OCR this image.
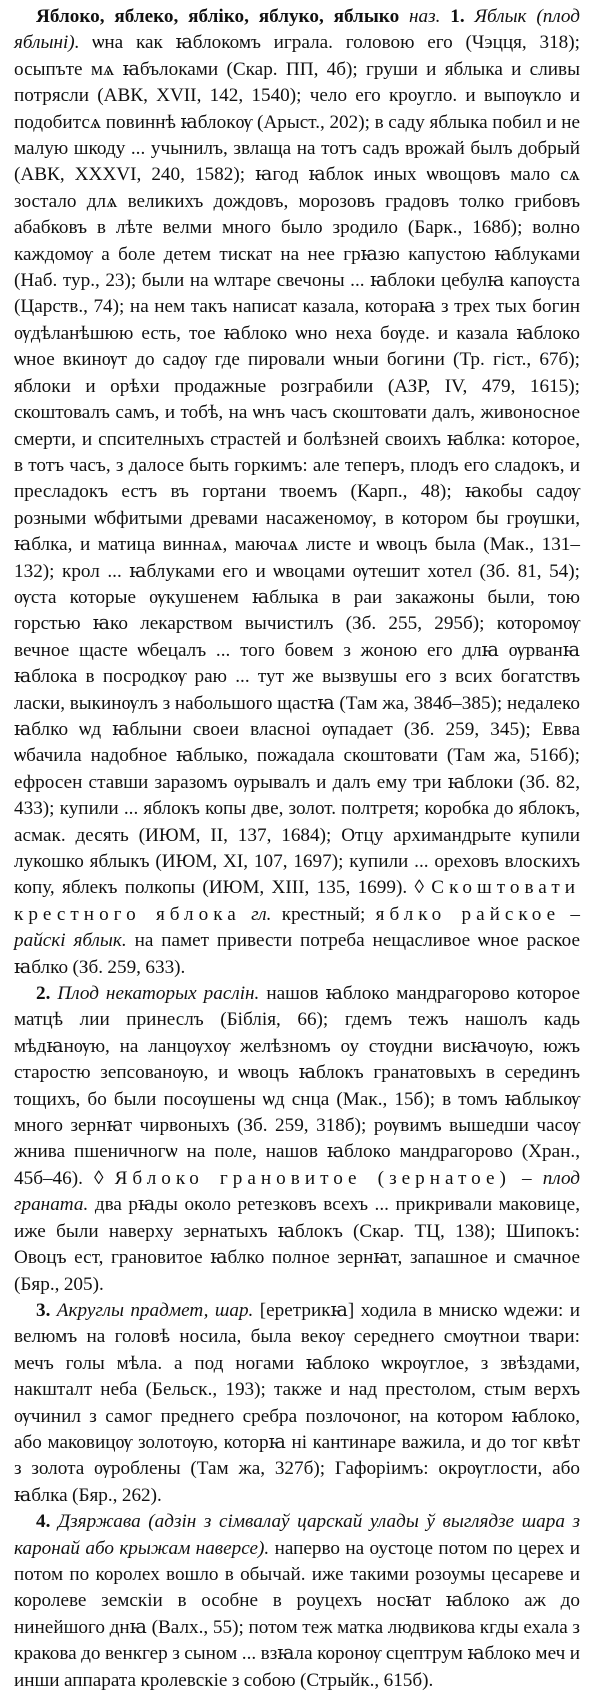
Яблоко, яблеко, ябліко, яблуко, яблыко наз. 1. Яблык (плод яблыні). ѡна как ꙗблокомъ играла. головою его (Чэцця, 318); осыпъте мѧ ꙗбълоками (Скар. ПП, 4б); груши и яблыка и сливы потрясли (АВК, XVII, 142, 1540); чело его кроугло. и выпѹкло и подобитсѧ повиннѣ ꙗблокѹ (Арыст., 202); в саду яблыка побил и не малую шкоду ... учынилъ, звлаща на тотъ садъ врожай былъ добрый (АВК, XXXVI, 240, 1582); ꙗгод ꙗблок иных ѡвощовъ мало сѧ зостало длѧ великихъ дождовъ, морозовъ градовъ толко грибовъ абабковъ в лѣте велми много было зродило (Барк., 168б); волно каждомѹ а боле детем тискат на нее грꙗзю капустою ꙗблуками (Наб. тур., 23); были на ѡлтаре свечоны ... ꙗблоки цебулꙗ капѹста (Царств., 74); на нем такъ написат казала, котораꙗ з трех тых богин ѹдѣланѣшюю есть, тое ꙗблоко ѡно неха бѹде. и казала ꙗблоко ѡное вкинѹт до садѹ где пировали ѡныи богини (Тр. гіст., 67б); яблоки и орѣхи продажные розграбили (АЗР, IV, 479, 1615); скоштовалъ самъ, и тобѣ, на ѡнъ часъ скоштовати далъ, живоносное смерти, и спсителныхъ страстей и болѣзней своихъ ꙗблка: которое, в тотъ часъ, з далосе быть горкимъ: але теперъ, плодъ его сладокъ, и пресладокъ естъ въ гортани твоемъ (Карп., 48); ꙗкобы садѹ розными ѡбфитыми древами насаженомѹ, в котором бы грѹшки, ꙗблка, и матица виннаѧ, маючаѧ листе и ѡвоцъ была (Мак., 131–132); крол ... ꙗблуками его и ѡвоцами ѹтешит хотел (Зб. 81, 54); ѹста которые ѹкушенем ꙗблыка в раи закажоны были, тою горстью ꙗко лекарством вычистилъ (Зб. 255, 295б); которомѹ вечное щасте ѡбецалъ ... того бовем з жоною его длꙗ ѹрванꙗ ꙗблока в посродкѹ раю ... тут же вызвушы его з всих богатствъ ласки, выкинѹлъ з набольшого щастꙗ (Там жа, 384б–385); недалеко ꙗблко ѡд ꙗблыни своеи власноі ѹпадает (Зб. 259, 345); Евва ѡбачила надобное ꙗблыко, пожадала скоштовати (Там жа, 516б); ефросен ставши заразомъ ѹрывалъ и далъ ему три ꙗблоки (Зб. 82, 433); купили ... яблокъ копы две, золот. полтретя; коробка до яблокъ, асмак. десять (ИЮМ, II, 137, 1684); Отцу архимандрыте купили лукошко яблыкъ (ИЮМ, XI, 107, 1697); купили ... ореховъ влоскихъ копу, яблекъ полкопы (ИЮМ, XIII, 135, 1699). ◊ Скоштовати крестного яблока гл. крестный; яблко райское – райскі яблык. на памет привести потреба нещасливое ѡное раское ꙗблко (Зб. 259, 633).

2. Плод некаторых раслін. нашов ꙗблоко мандрагорово которое матцѣ лии принеслъ (Біблія, 66); гдемъ тежъ нашолъ кадь мѣдꙗнѹю, на ланцѹхѹ желѣзномъ оу стѹдни висꙗчѹю, южъ старостю зепсованѹю, и ѡвоцъ ꙗблокъ гранатовыхъ в серединъ тощихъ, бо были посѹшены ѡд снца (Мак., 15б); в томъ ꙗблыкѹ много зернꙗт чирвоныхъ (Зб. 259, 318б); рѹвимъ вышедши часѹ жнива пшеничногѡ на поле, нашов ꙗблоко мандрагорово (Хран., 45б–46). ◊ Яблоко грановитое (зернатое) – плод граната. два рꙗды около ретезковъ всехъ ... прикривали маковице, иже были наверху зернатыхъ ꙗблокъ (Скар. ТЦ, 138); Шипокъ: Овоцъ ест, грановитое ꙗблко полное зернꙗт, запашное и смачное (Бяр., 205).

3. Акруглы прадмет, шар. [еретрикꙗ] ходила в мниско ѡдежи: и велюмъ на головѣ носила, была векѹ середнего смѹтнои твари: мечъ голы мѣла. а под ногами ꙗблоко ѡкрѹглое, з звѣздами, накшталт неба (Бельск., 193); также и над престолом, стым верхъ ѹчинил з самог преднего сребра позлочоног, на котором ꙗблоко, або маковицѹ золотѹю, которꙗ ні кантинаре важила, и до тог квѣт з золота ѹроблены (Там жа, 327б); Гафоріимъ: окрѹглости, або ꙗблка (Бяр., 262).

4. Дзяржава (адзін з сімвалаў царскай улады ў выглядзе шара з каронай або крыжам наверсе). наперво на оустоце потом по церех и потом по королех вошло в обычай. иже такими розоумы цесареве и королеве земскiи в особне в роуцехъ носꙗт ꙗблоко аж до нинейшого днꙗ (Валх., 55); потом теж матка людвикова кгды ехала з кракова до венкгер з сыном ... взꙗла коронѹ сцептрум ꙗблоко меч и инши аппарата кролевскiе з собою (Стрыйк., 615б).
